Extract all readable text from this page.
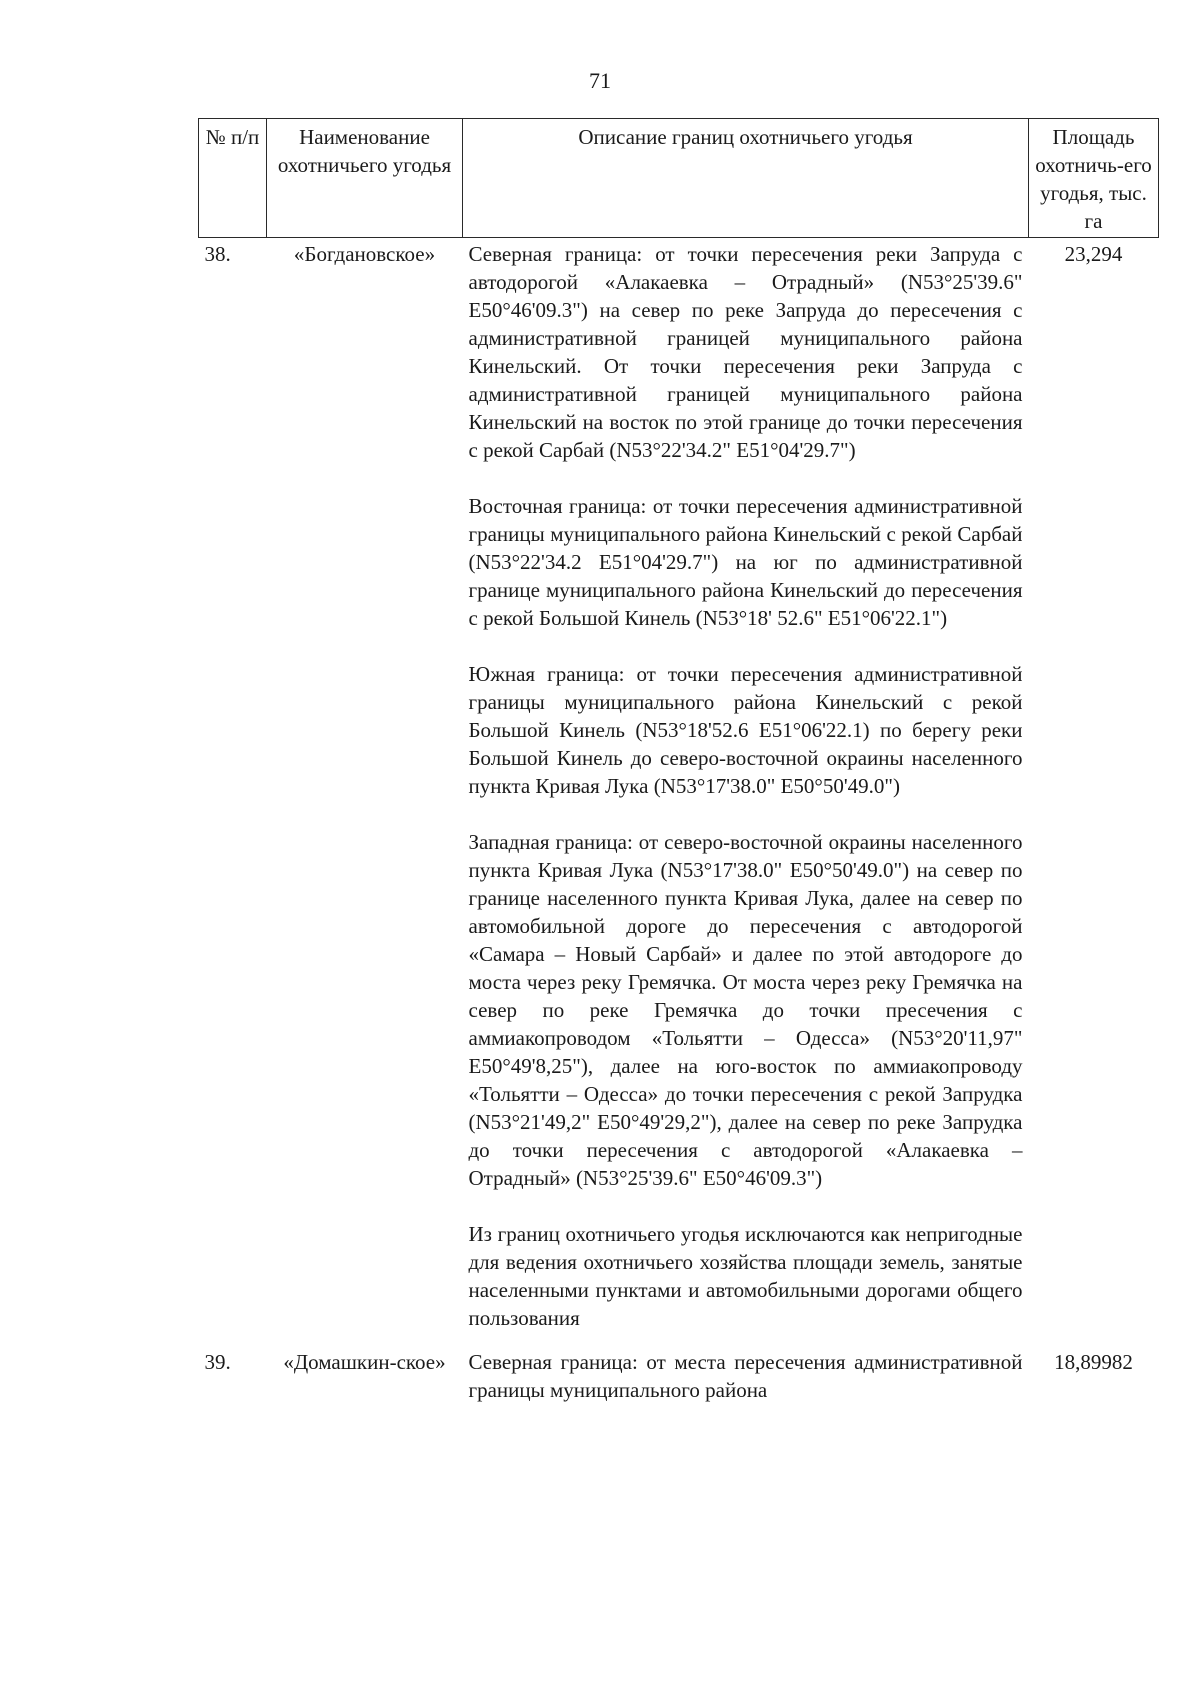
71
№ п/п	Наименование охотничьего угодья	Описание границ охотничьего угодья	Площадь охотничь-его угодья, тыс. га
38.	«Богдановское»	Северная граница: от точки пересечения реки Запруда с автодорогой «Алакаевка – Отрадный» (N53°25'39.6" E50°46'09.3") на север по реке Запруда до пересечения с административной границей муниципального района Кинельский. От точки пересечения реки Запруда с административной границей муниципального района Кинельский на восток по этой границе до точки пересечения с рекой Сарбай (N53°22'34.2" E51°04'29.7")

Восточная граница: от точки пересечения административной границы муниципального района Кинельский с рекой Сарбай (N53°22'34.2 E51°04'29.7") на юг по административной границе муниципального района Кинельский до пересечения с рекой Большой Кинель (N53°18' 52.6" E51°06'22.1")

Южная граница: от точки пересечения административной границы муниципального района Кинельский с рекой Большой Кинель (N53°18'52.6 E51°06'22.1) по берегу реки Большой Кинель до северо-восточной окраины населенного пункта Кривая Лука (N53°17'38.0" E50°50'49.0")

Западная граница: от северо-восточной окраины населенного пункта Кривая Лука (N53°17'38.0" E50°50'49.0") на север по границе населенного пункта Кривая Лука, далее на север по автомобильной дороге до пересечения с автодорогой «Самара – Новый Сарбай» и далее по этой автодороге до моста через реку Гремячка. От моста через реку Гремячка на север по реке Гремячка до точки пресечения с аммиакопроводом «Тольятти – Одесса» (N53°20'11,97" E50°49'8,25"), далее на юго-восток по аммиакопроводу «Тольятти – Одесса» до точки пересечения с рекой Запрудка (N53°21'49,2" E50°49'29,2"), далее на север по реке Запрудка до точки пересечения с автодорогой «Алакаевка – Отрадный» (N53°25'39.6" E50°46'09.3")

Из границ охотничьего угодья исключаются как непригодные для ведения охотничьего хозяйства площади земель, занятые населенными пунктами и автомобильными дорогами общего пользования	23,294
39.	«Домашкин-ское»	Северная граница: от места пересечения административной границы муниципального района	18,89982
